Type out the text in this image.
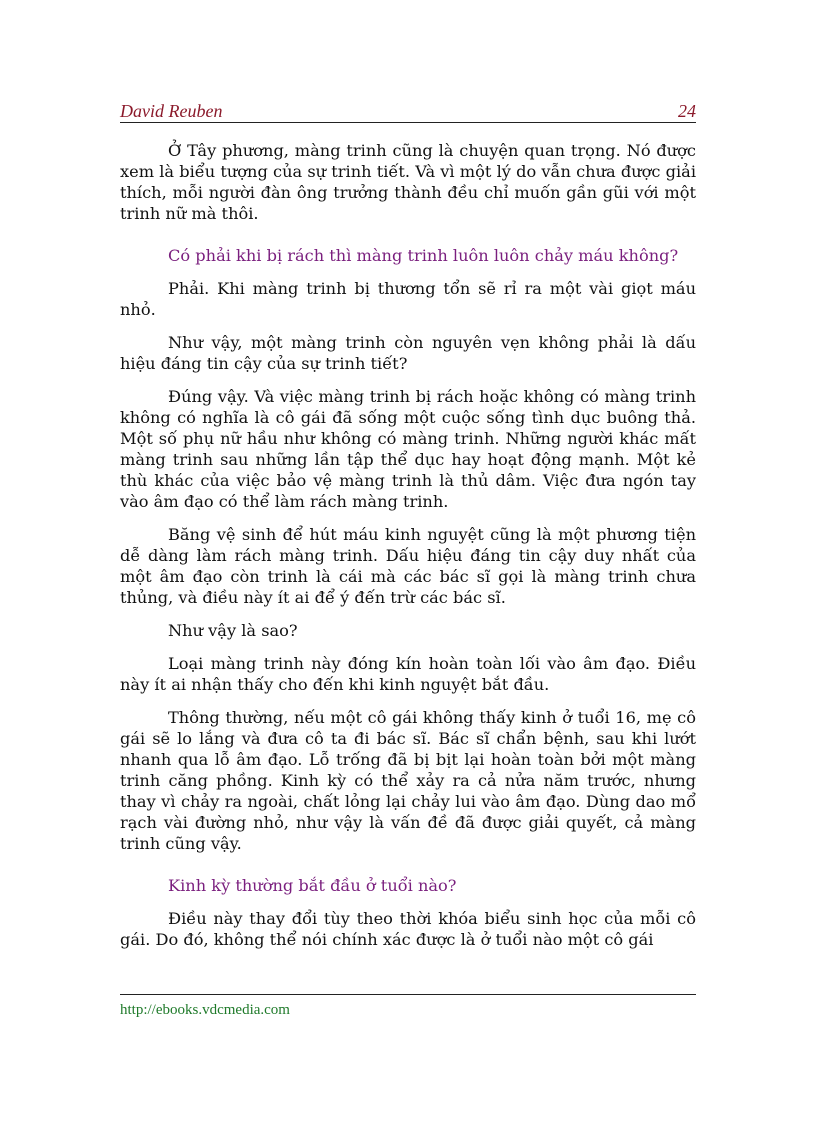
David Reuben	24

Ở Tây phương, màng trinh cũng là chuyện quan trọng. Nó được xem là biểu tượng của sự trinh tiết. Và vì một lý do vẫn chưa được giải thích, mỗi người đàn ông trưởng thành đều chỉ muốn gần gũi với một trinh nữ mà thôi.

Có phải khi bị rách thì màng trinh luôn luôn chảy máu không?

Phải. Khi màng trinh bị thương tổn sẽ rỉ ra một vài giọt máu nhỏ.

Như vậy, một màng trinh còn nguyên vẹn không phải là dấu hiệu đáng tin cậy của sự trinh tiết?

Đúng vậy. Và việc màng trinh bị rách hoặc không có màng trinh không có nghĩa là cô gái đã sống một cuộc sống tình dục buông thả. Một số phụ nữ hầu như không có màng trinh. Những người khác mất màng trinh sau những lần tập thể dục hay hoạt động mạnh. Một kẻ thù khác của việc bảo vệ màng trinh là thủ dâm. Việc đưa ngón tay vào âm đạo có thể làm rách màng trinh.

Băng vệ sinh để hút máu kinh nguyệt cũng là một phương tiện dễ dàng làm rách màng trinh. Dấu hiệu đáng tin cậy duy nhất của một âm đạo còn trinh là cái mà các bác sĩ gọi là màng trinh chưa thủng, và điều này ít ai để ý đến trừ các bác sĩ.

Như vậy là sao?

Loại màng trinh này đóng kín hoàn toàn lối vào âm đạo. Điều này ít ai nhận thấy cho đến khi kinh nguyệt bắt đầu.

Thông thường, nếu một cô gái không thấy kinh ở tuổi 16, mẹ cô gái sẽ lo lắng và đưa cô ta đi bác sĩ. Bác sĩ chẩn bệnh, sau khi lướt nhanh qua lỗ âm đạo. Lỗ trống đã bị bịt lại hoàn toàn bởi một màng trinh căng phồng. Kinh kỳ có thể xảy ra cả nửa năm trước, nhưng thay vì chảy ra ngoài, chất lỏng lại chảy lui vào âm đạo. Dùng dao mổ rạch vài đường nhỏ, như vậy là vấn đề đã được giải quyết, cả màng trinh cũng vậy.

Kinh kỳ thường bắt đầu ở tuổi nào?

Điều này thay đổi tùy theo thời khóa biểu sinh học của mỗi cô gái. Do đó, không thể nói chính xác được là ở tuổi nào một cô gái

http://ebooks.vdcmedia.com
